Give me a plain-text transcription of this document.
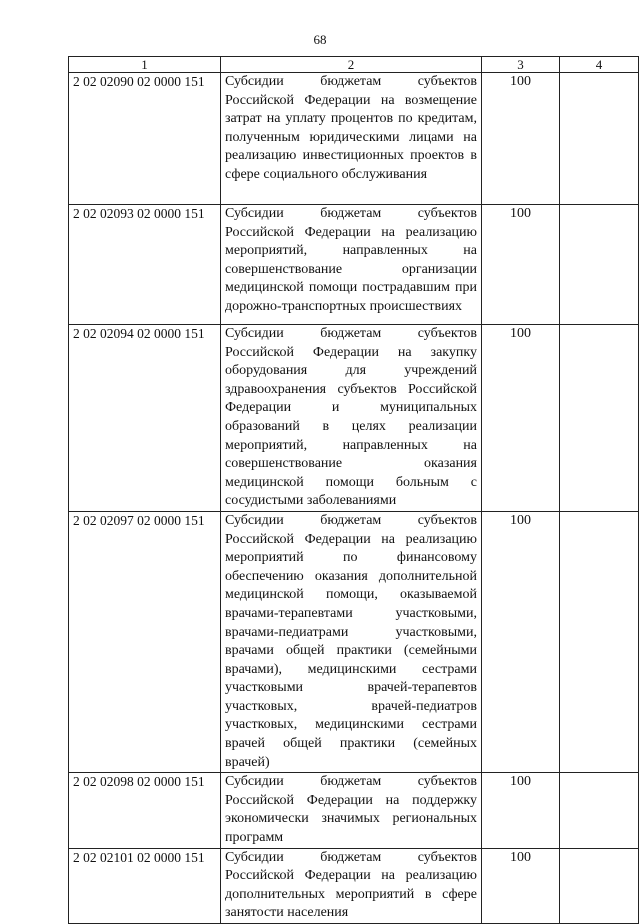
68
1	2	3	4
2 02 02090 02 0000 151	Субсидии бюджетам субъектов Российской Федерации на возмещение затрат на уплату процентов по кредитам, полученным юридическими лицами на реализацию инвестиционных проектов в сфере социального обслуживания	100	
2 02 02093 02 0000 151	Субсидии бюджетам субъектов Российской Федерации на реализацию мероприятий, направленных на совершенствование организации медицинской помощи пострадавшим при дорожно-транспортных происшествиях	100	
2 02 02094 02 0000 151	Субсидии бюджетам субъектов Российской Федерации на закупку оборудования для учреждений здравоохранения субъектов Российской Федерации и муниципальных образований в целях реализации мероприятий, направленных на совершенствование оказания медицинской помощи больным с сосудистыми заболеваниями	100	
2 02 02097 02 0000 151	Субсидии бюджетам субъектов Российской Федерации на реализацию мероприятий по финансовому обеспечению оказания дополнительной медицинской помощи, оказываемой врачами-терапевтами участковыми, врачами-педиатрами участковыми, врачами общей практики (семейными врачами), медицинскими сестрами участковыми врачей-терапевтов участковых, врачей-педиатров участковых, медицинскими сестрами врачей общей практики (семейных врачей)	100	
2 02 02098 02 0000 151	Субсидии бюджетам субъектов Российской Федерации на поддержку экономически значимых региональных программ	100	
2 02 02101 02 0000 151	Субсидии бюджетам субъектов Российской Федерации на реализацию дополнительных мероприятий в сфере занятости населения	100	
